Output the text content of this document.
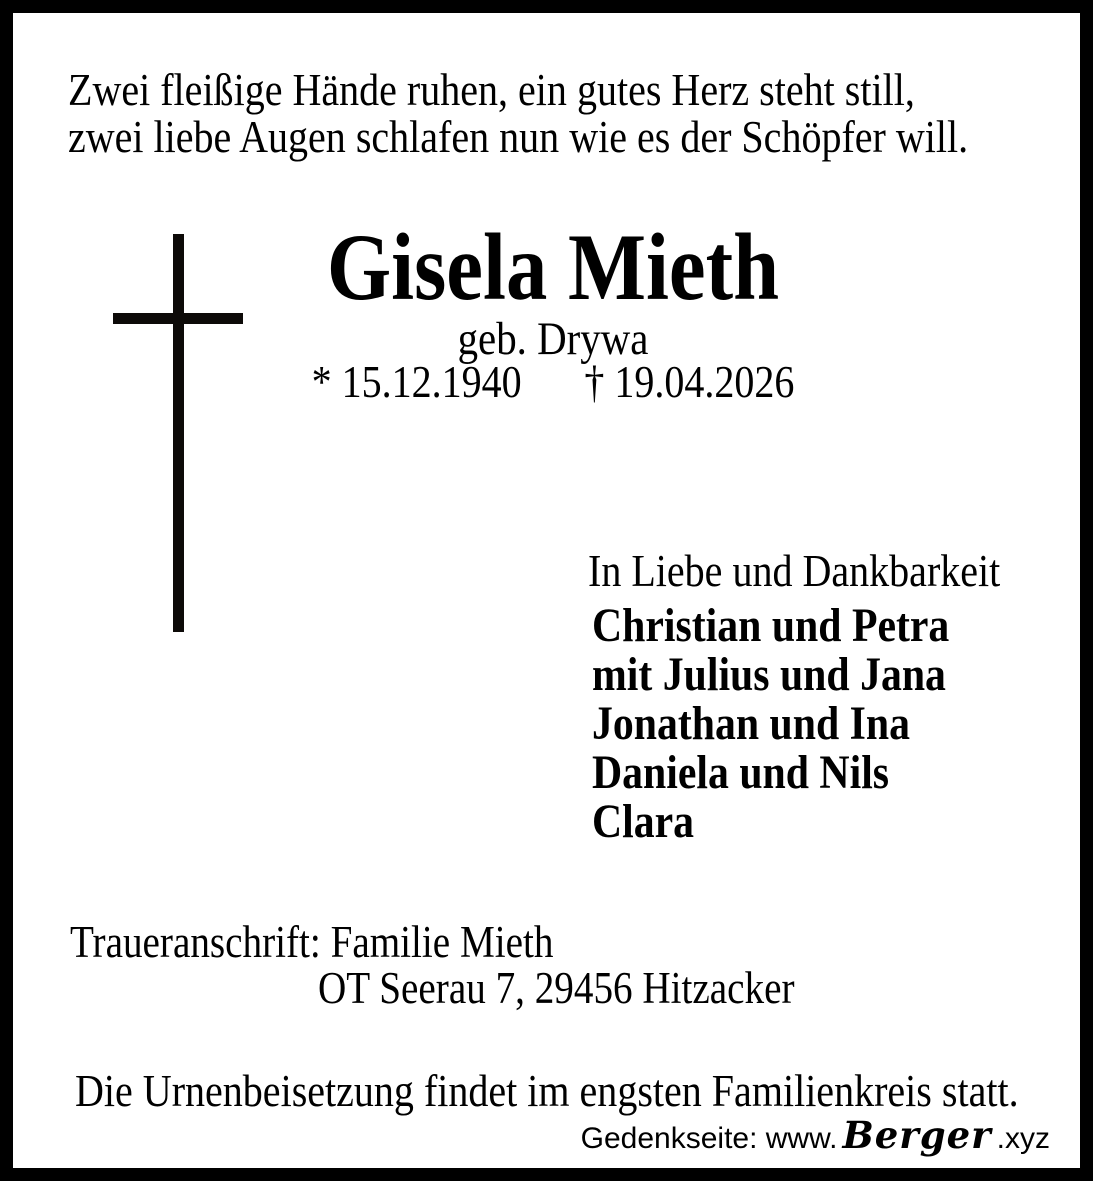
Zwei fleißige Hände ruhen, ein gutes Herz steht still,
zwei liebe Augen schlafen nun wie es der Schöpfer will.
Gisela Mieth
geb. Drywa
* 15.12.1940 † 19.04.2026
In Liebe und Dankbarkeit
Christian und Petra
mit Julius und Jana
Jonathan und Ina
Daniela und Nils
Clara
Traueranschrift: Familie Mieth
OT Seerau 7, 29456 Hitzacker
Die Urnenbeisetzung findet im engsten Familienkreis statt.
Gedenkseite: www. Berger .xyz
